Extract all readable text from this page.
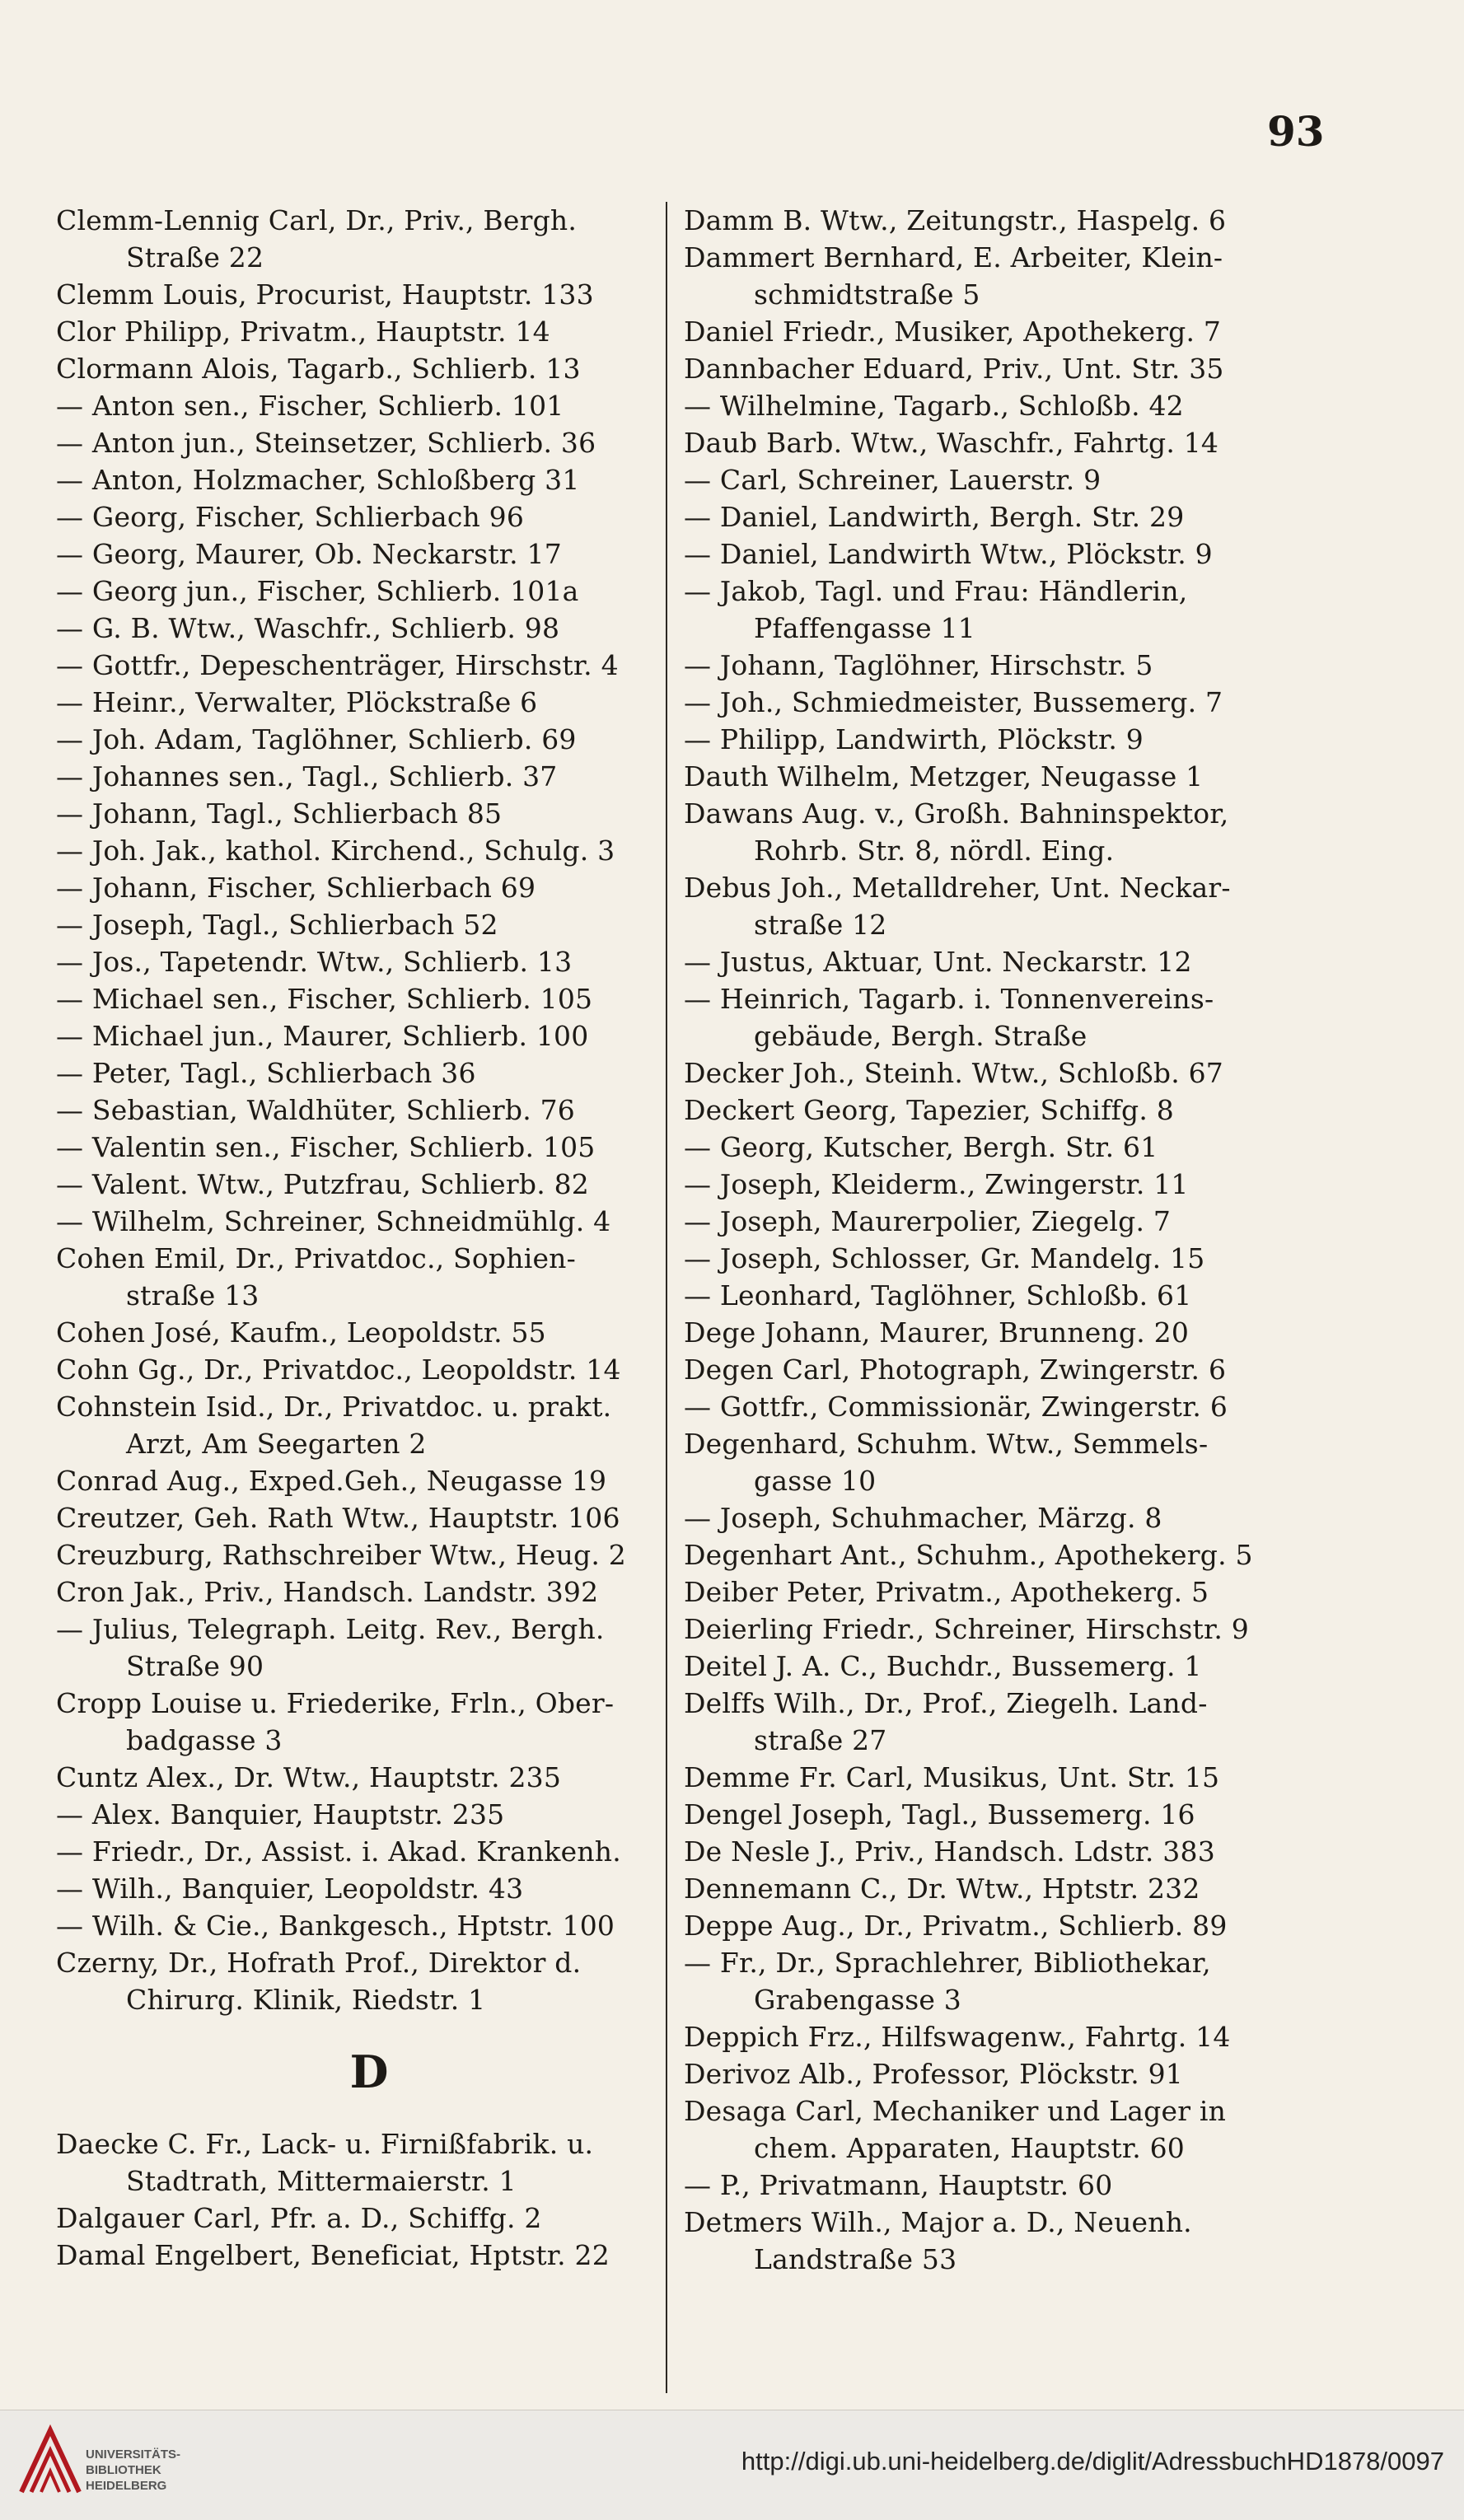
93
Clemm-Lennig Carl, Dr., Priv., Bergh.
Straße 22
Clemm Louis, Procurist, Hauptstr. 133
Clor Philipp, Privatm., Hauptstr. 14
Clormann Alois, Tagarb., Schlierb. 13
— Anton sen., Fischer, Schlierb. 101
— Anton jun., Steinsetzer, Schlierb. 36
— Anton, Holzmacher, Schloßberg 31
— Georg, Fischer, Schlierbach 96
— Georg, Maurer, Ob. Neckarstr. 17
— Georg jun., Fischer, Schlierb. 101a
— G. B. Wtw., Waschfr., Schlierb. 98
— Gottfr., Depeschenträger, Hirschstr. 4
— Heinr., Verwalter, Plöckstraße 6
— Joh. Adam, Taglöhner, Schlierb. 69
— Johannes sen., Tagl., Schlierb. 37
— Johann, Tagl., Schlierbach 85
— Joh. Jak., kathol. Kirchend., Schulg. 3
— Johann, Fischer, Schlierbach 69
— Joseph, Tagl., Schlierbach 52
— Jos., Tapetendr. Wtw., Schlierb. 13
— Michael sen., Fischer, Schlierb. 105
— Michael jun., Maurer, Schlierb. 100
— Peter, Tagl., Schlierbach 36
— Sebastian, Waldhüter, Schlierb. 76
— Valentin sen., Fischer, Schlierb. 105
— Valent. Wtw., Putzfrau, Schlierb. 82
— Wilhelm, Schreiner, Schneidmühlg. 4
Cohen Emil, Dr., Privatdoc., Sophien-
straße 13
Cohen José, Kaufm., Leopoldstr. 55
Cohn Gg., Dr., Privatdoc., Leopoldstr. 14
Cohnstein Isid., Dr., Privatdoc. u. prakt.
Arzt, Am Seegarten 2
Conrad Aug., Exped.Geh., Neugasse 19
Creutzer, Geh. Rath Wtw., Hauptstr. 106
Creuzburg, Rathschreiber Wtw., Heug. 2
Cron Jak., Priv., Handsch. Landstr. 392
— Julius, Telegraph. Leitg. Rev., Bergh.
Straße 90
Cropp Louise u. Friederike, Frln., Ober-
badgasse 3
Cuntz Alex., Dr. Wtw., Hauptstr. 235
— Alex. Banquier, Hauptstr. 235
— Friedr., Dr., Assist. i. Akad. Krankenh.
— Wilh., Banquier, Leopoldstr. 43
— Wilh. & Cie., Bankgesch., Hptstr. 100
Czerny, Dr., Hofrath Prof., Direktor d.
Chirurg. Klinik, Riedstr. 1
D
Daecke C. Fr., Lack- u. Firnißfabrik. u.
Stadtrath, Mittermaierstr. 1
Dalgauer Carl, Pfr. a. D., Schiffg. 2
Damal Engelbert, Beneficiat, Hptstr. 22
Damm B. Wtw., Zeitungstr., Haspelg. 6
Dammert Bernhard, E. Arbeiter, Klein-
schmidtstraße 5
Daniel Friedr., Musiker, Apothekerg. 7
Dannbacher Eduard, Priv., Unt. Str. 35
— Wilhelmine, Tagarb., Schloßb. 42
Daub Barb. Wtw., Waschfr., Fahrtg. 14
— Carl, Schreiner, Lauerstr. 9
— Daniel, Landwirth, Bergh. Str. 29
— Daniel, Landwirth Wtw., Plöckstr. 9
— Jakob, Tagl. und Frau: Händlerin,
Pfaffengasse 11
— Johann, Taglöhner, Hirschstr. 5
— Joh., Schmiedmeister, Bussemerg. 7
— Philipp, Landwirth, Plöckstr. 9
Dauth Wilhelm, Metzger, Neugasse 1
Dawans Aug. v., Großh. Bahninspektor,
Rohrb. Str. 8, nördl. Eing.
Debus Joh., Metalldreher, Unt. Neckar-
straße 12
— Justus, Aktuar, Unt. Neckarstr. 12
— Heinrich, Tagarb. i. Tonnenvereins-
gebäude, Bergh. Straße
Decker Joh., Steinh. Wtw., Schloßb. 67
Deckert Georg, Tapezier, Schiffg. 8
— Georg, Kutscher, Bergh. Str. 61
— Joseph, Kleiderm., Zwingerstr. 11
— Joseph, Maurerpolier, Ziegelg. 7
— Joseph, Schlosser, Gr. Mandelg. 15
— Leonhard, Taglöhner, Schloßb. 61
Dege Johann, Maurer, Brunneng. 20
Degen Carl, Photograph, Zwingerstr. 6
— Gottfr., Commissionär, Zwingerstr. 6
Degenhard, Schuhm. Wtw., Semmels-
gasse 10
— Joseph, Schuhmacher, Märzg. 8
Degenhart Ant., Schuhm., Apothekerg. 5
Deiber Peter, Privatm., Apothekerg. 5
Deierling Friedr., Schreiner, Hirschstr. 9
Deitel J. A. C., Buchdr., Bussemerg. 1
Delffs Wilh., Dr., Prof., Ziegelh. Land-
straße 27
Demme Fr. Carl, Musikus, Unt. Str. 15
Dengel Joseph, Tagl., Bussemerg. 16
De Nesle J., Priv., Handsch. Ldstr. 383
Dennemann C., Dr. Wtw., Hptstr. 232
Deppe Aug., Dr., Privatm., Schlierb. 89
— Fr., Dr., Sprachlehrer, Bibliothekar,
Grabengasse 3
Deppich Frz., Hilfswagenw., Fahrtg. 14
Derivoz Alb., Professor, Plöckstr. 91
Desaga Carl, Mechaniker und Lager in
chem. Apparaten, Hauptstr. 60
— P., Privatmann, Hauptstr. 60
Detmers Wilh., Major a. D., Neuenh.
Landstraße 53
UNIVERSITÄTS-
BIBLIOTHEK
HEIDELBERG
http://digi.ub.uni-heidelberg.de/diglit/AdressbuchHD1878/0097
